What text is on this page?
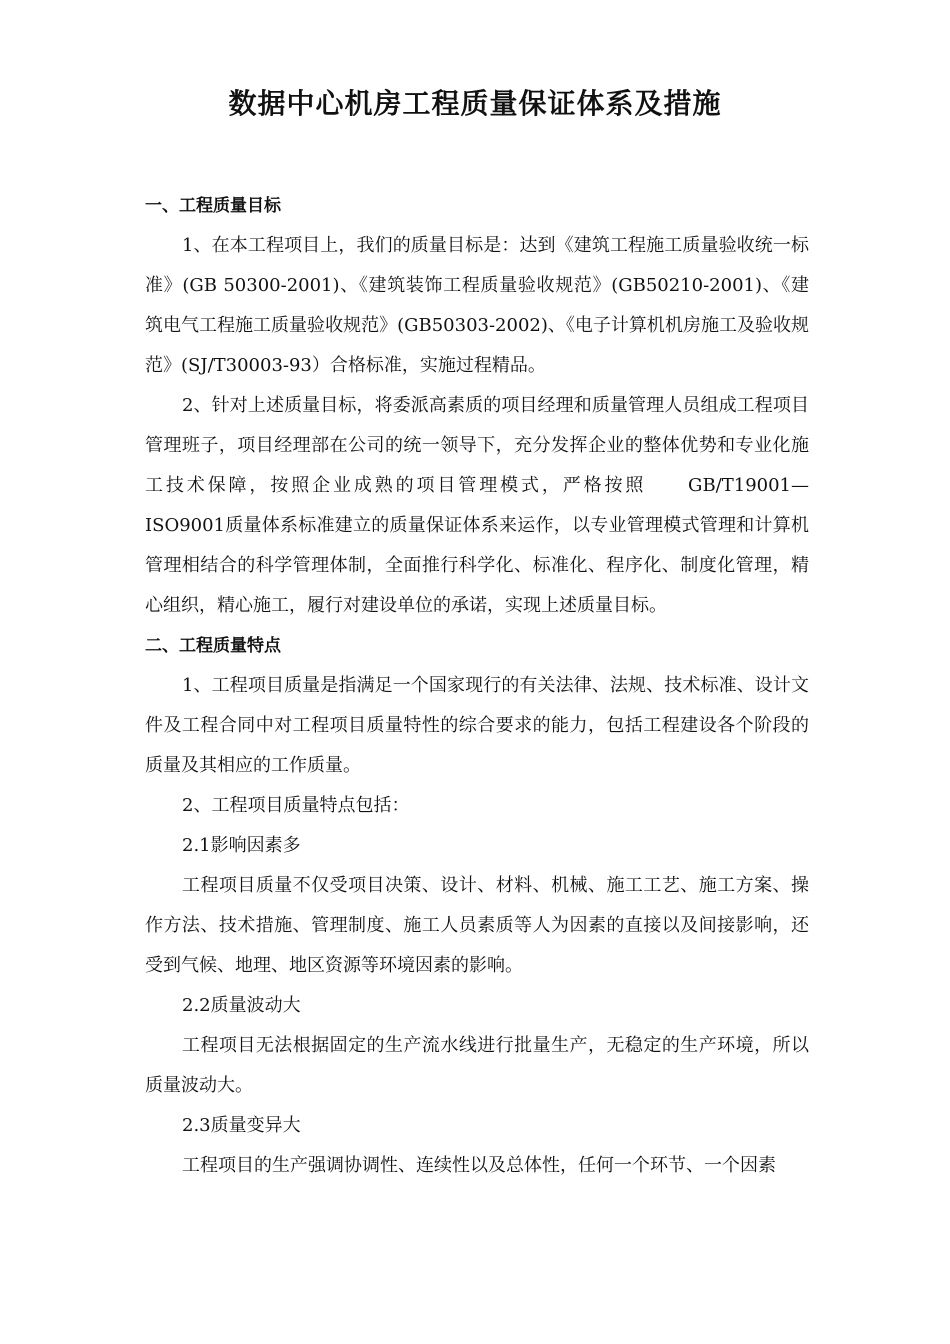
数据中心机房工程质量保证体系及措施

一、工程质量目标

1、在本工程项目上，我们的质量目标是：达到《建筑工程施工质量验收统一标准》(GB 50300-2001)、《建筑装饰工程质量验收规范》(GB50210-2001)、《建筑电气工程施工质量验收规范》(GB50303-2002)、《电子计算机机房施工及验收规范》(SJ/T30003-93）合格标准，实施过程精品。

2、针对上述质量目标，将委派高素质的项目经理和质量管理人员组成工程项目管理班子，项目经理部在公司的统一领导下，充分发挥企业的整体优势和专业化施工技术保障，按照企业成熟的项目管理模式，严格按照　　GB/T19001—ISO9001质量体系标准建立的质量保证体系来运作，以专业管理模式管理和计算机管理相结合的科学管理体制，全面推行科学化、标准化、程序化、制度化管理，精心组织，精心施工，履行对建设单位的承诺，实现上述质量目标。

二、工程质量特点

1、工程项目质量是指满足一个国家现行的有关法律、法规、技术标准、设计文件及工程合同中对工程项目质量特性的综合要求的能力，包括工程建设各个阶段的质量及其相应的工作质量。

2、工程项目质量特点包括：

2.1影响因素多

工程项目质量不仅受项目决策、设计、材料、机械、施工工艺、施工方案、操作方法、技术措施、管理制度、施工人员素质等人为因素的直接以及间接影响，还受到气候、地理、地区资源等环境因素的影响。

2.2质量波动大

工程项目无法根据固定的生产流水线进行批量生产，无稳定的生产环境，所以质量波动大。

2.3质量变异大

工程项目的生产强调协调性、连续性以及总体性，任何一个环节、一个因素
